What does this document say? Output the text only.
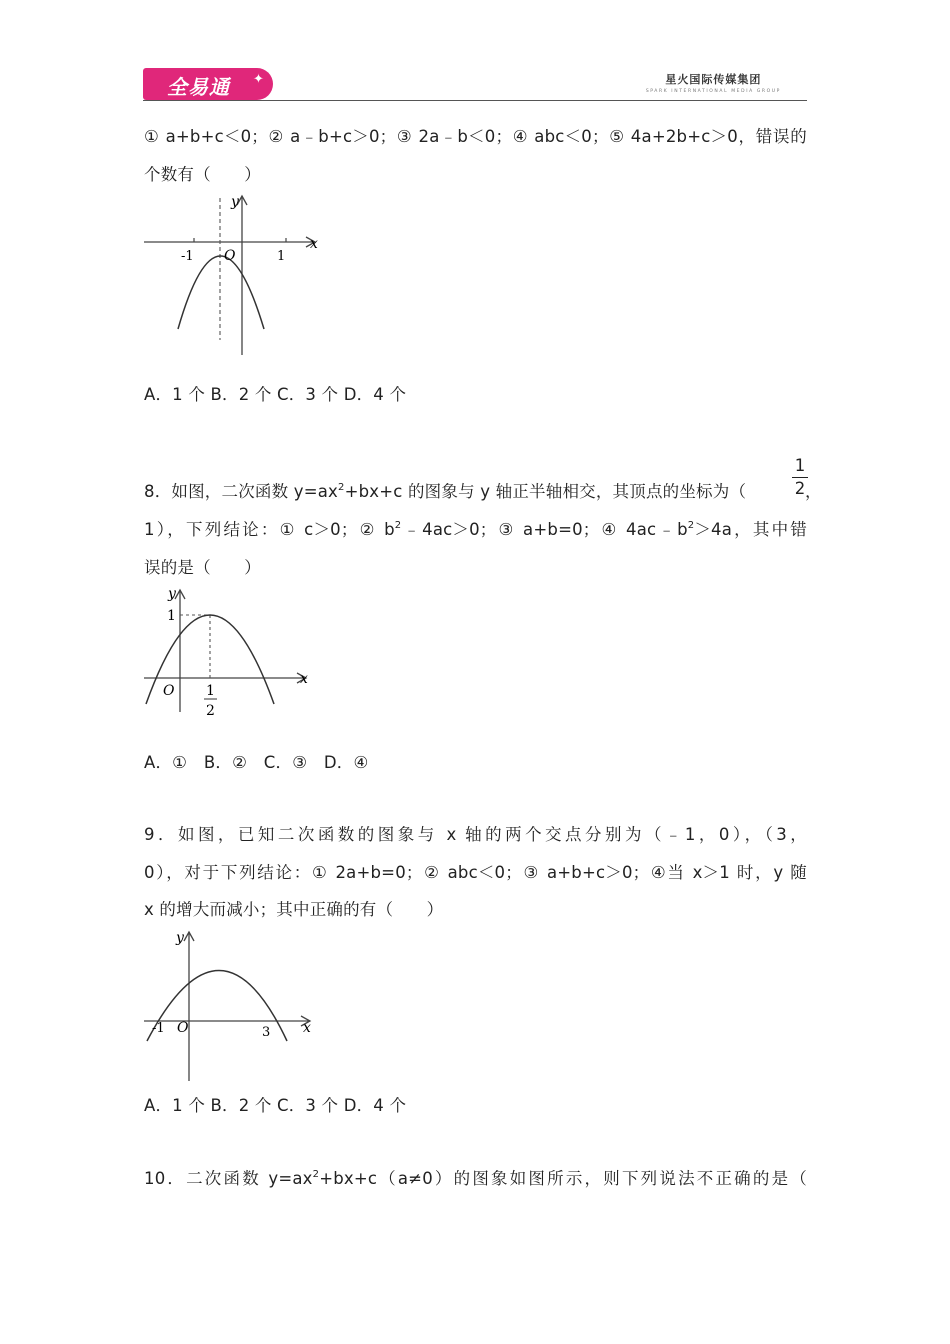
全易通 ✦	星火国际传媒集团
SPARK INTERNATIONAL MEDIA GROUP
① a+b+c＜0；② a﹣b+c＞0；③ 2a﹣b＜0；④ abc＜0；⑤ 4a+2b+c＞0，错误的
个数有（　　）
y
x
O
-1	1
A．1 个 B．2 个 C．3 个 D．4 个
1
2
8．如图，二次函数 $y=ax^2+bx+c$ 的图象与 y 轴正半轴相交，其顶点的坐标为（	，
1），下列结论：① c＞0；② $b^2﹣4ac>0$；③ a+b=0；④ $4ac﹣b^2>4a$，其中错
误的是（　　）
y
x
O
1
1
2
A．①　B．②　C．③　D．④
9．如图，已知二次函数的图象与 x 轴的两个交点分别为（﹣1，0），（3，
0），对于下列结论：① 2a+b=0；② abc＜0；③ a+b+c＞0；④当 x＞1 时，y 随
x 的增大而减小；其中正确的有（　　）
y
x
O
-1	3
A．1 个 B．2 个 C．3 个 D．4 个
10．二次函数 $y=ax^2+bx+c(a\ne 0)$的图象如图所示，则下列说法不正确的是（
